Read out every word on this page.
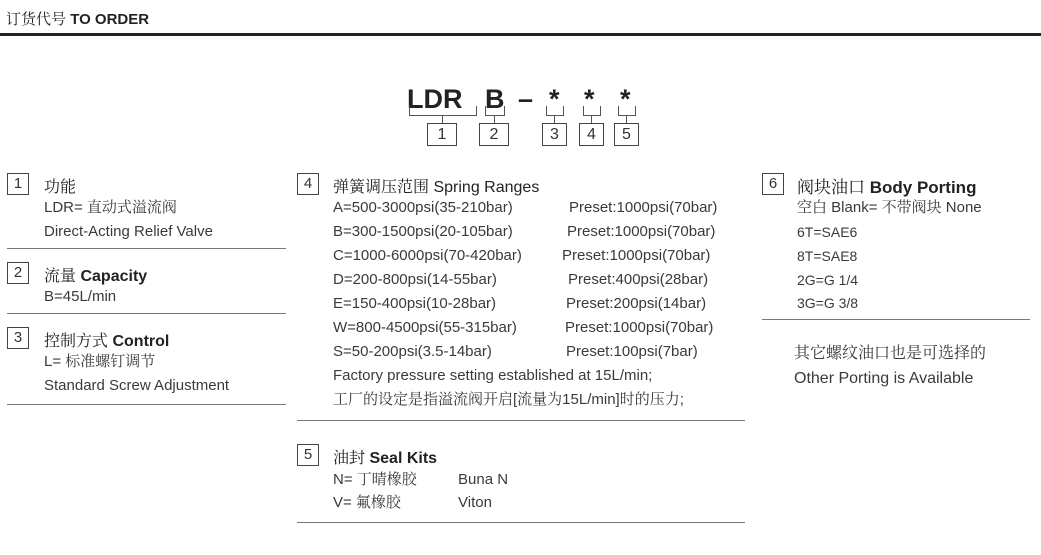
订货代号 TO ORDER
LDR B – * * *
1	2	3	4	5
1	功能
LDR= 直动式溢流阀
Direct-Acting Relief Valve
2	流量 Capacity
B=45L/min
3	控制方式 Control
L= 标准螺钉调节
Standard Screw Adjustment
4	弹簧调压范围 Spring Ranges
A=500-3000psi(35-210bar)	Preset:1000psi(70bar)
B=300-1500psi(20-105bar)	Preset:1000psi(70bar)
C=1000-6000psi(70-420bar)	Preset:1000psi(70bar)
D=200-800psi(14-55bar)	Preset:400psi(28bar)
E=150-400psi(10-28bar)	Preset:200psi(14bar)
W=800-4500psi(55-315bar)	Preset:1000psi(70bar)
S=50-200psi(3.5-14bar)	Preset:100psi(7bar)
Factory pressure setting established at 15L/min;
工厂的设定是指溢流阀开启[流量为15L/min]时的压力;
5	油封 Seal Kits
N= 丁晴橡胶	Buna N
V= 氟橡胶	Viton
6	阀块油口 Body Porting
空白 Blank= 不带阀块 None
6T=SAE6
8T=SAE8
2G=G 1/4
3G=G 3/8
其它螺纹油口也是可选择的
Other Porting is Available
